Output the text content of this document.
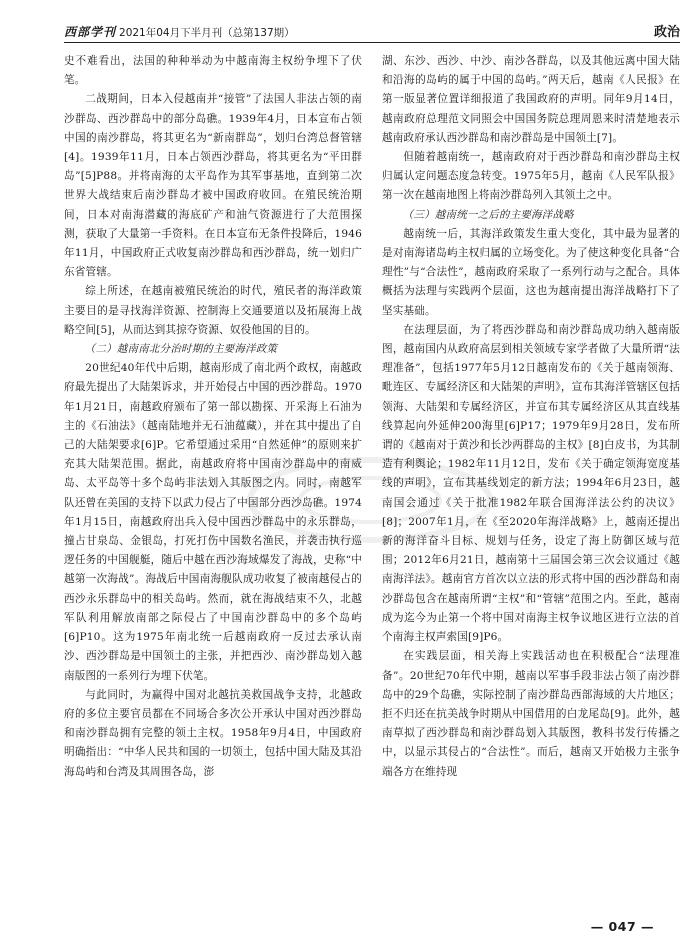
西部学刊 2021年04月下半月刊（总第137期）	政治

史不难看出，法国的种种举动为中越南海主权纷争埋下了伏笔。

二战期间，日本入侵越南并“接管”了法国人非法占领的南沙群岛、西沙群岛中的部分岛礁。1939年4月，日本宣布占领中国的南沙群岛，将其更名为“新南群岛”，划归台湾总督管辖[4]。1939年11月，日本占领西沙群岛，将其更名为“平田群岛”[5]P88。并将南海的太平岛作为其军事基地，直到第二次世界大战结束后南沙群岛才被中国政府收回。在殖民统治期间，日本对南海潜藏的海底矿产和油气资源进行了大范围探测，获取了大量第一手资料。在日本宣布无条件投降后，1946年11月，中国政府正式收复南沙群岛和西沙群岛，统一划归广东省管辖。

综上所述，在越南被殖民统治的时代，殖民者的海洋政策主要目的是寻找海洋资源、控制海上交通要道以及拓展海上战略空间[5]，从而达到其掠夺资源、奴役他国的目的。

（二）越南南北分治时期的主要海洋政策

20世纪40年代中后期，越南形成了南北两个政权，南越政府最先提出了大陆架诉求，并开始侵占中国的西沙群岛。1970年1月21日，南越政府颁布了第一部以勘探、开采海上石油为主的《石油法》（越南陆地并无石油蕴藏），并在其中提出了自己的大陆架要求[6]P。它希望通过采用“自然延伸”的原则来扩充其大陆架范围。据此，南越政府将中国南沙群岛中的南威岛、太平岛等十多个岛屿非法划入其版图之内。同时，南越军队还曾在美国的支持下以武力侵占了中国部分西沙岛礁。1974年1月15日，南越政府出兵入侵中国西沙群岛中的永乐群岛，撞占甘泉岛、金银岛，打死打伤中国数名渔民，并袭击执行巡逻任务的中国舰艇，随后中越在西沙海域爆发了海战，史称“中越第一次海战”。海战后中国南海舰队成功收复了被南越侵占的西沙永乐群岛中的相关岛屿。然而，就在海战结束不久，北越军队利用解放南部之际侵占了中国南沙群岛中的多个岛屿[6]P10。这为1975年南北统一后越南政府一反过去承认南沙、西沙群岛是中国领土的主张，并把西沙、南沙群岛划入越南版图的一系列行为埋下伏笔。

与此同时，为赢得中国对北越抗美救国战争支持，北越政府的多位主要官员都在不同场合多次公开承认中国对西沙群岛和南沙群岛拥有完整的领土主权。1958年9月4日，中国政府明确指出：“中华人民共和国的一切领土，包括中国大陆及其沿海岛屿和台湾及其周围各岛，澎

湖、东沙、西沙、中沙、南沙各群岛，以及其他远离中国大陆和沿海的岛屿的属于中国的岛屿。”两天后，越南《人民报》在第一版显著位置详细报道了我国政府的声明。同年9月14日，越南政府总理范文同照会中国国务院总理周恩来时清楚地表示越南政府承认西沙群岛和南沙群岛是中国领土[7]。

但随着越南统一，越南政府对于西沙群岛和南沙群岛主权归属认定问题态度急转变。1975年5月，越南《人民军队报》第一次在越南地图上将南沙群岛列入其领土之中。

（三）越南统一之后的主要海洋战略

越南统一后，其海洋政策发生重大变化，其中最为显著的是对南海诸岛屿主权归属的立场变化。为了使这种变化具备“合理性”与“合法性”，越南政府采取了一系列行动与之配合。具体概括为法理与实践两个层面，这也为越南提出海洋战略打下了坚实基础。

在法理层面，为了将西沙群岛和南沙群岛成功纳入越南版图，越南国内从政府高层到相关领域专家学者做了大量所谓“法理准备”，包括1977年5月12日越南发布的《关于越南领海、毗连区、专属经济区和大陆架的声明》，宣布其海洋管辖区包括领海、大陆架和专属经济区，并宣布其专属经济区从其直线基线算起向外延伸200海里[6]P17；1979年9月28日，发布所谓的《越南对于黄沙和长沙两群岛的主权》[8]白皮书，为其制造有利舆论；1982年11月12日，发布《关于确定领海宽度基线的声明》，宣布其基线划定的新方法；1994年6月23日，越南国会通过《关于批准1982年联合国海洋法公约的决议》[8]；2007年1月，在《至2020年海洋战略》上，越南还提出新的海洋奋斗目标、规划与任务，设定了海上防御区域与范围；2012年6月21日，越南第十三届国会第三次会议通过《越南海洋法》。越南官方首次以立法的形式将中国的西沙群岛和南沙群岛包含在越南所谓“主权”和“管辖”范围之内。至此，越南成为迄今为止第一个将中国对南海主权争议地区进行立法的首个南海主权声索国[9]P6。

在实践层面，相关海上实践活动也在积极配合“法理准备”。20世纪70年代中期，越南以军事手段非法占领了南沙群岛中的29个岛礁，实际控制了南沙群岛西部海域的大片地区；拒不归还在抗美战争时期从中国借用的白龙尾岛[9]。此外，越南草拟了西沙群岛和南沙群岛划入其版图，教科书发行传播之中，以显示其侵占的“合法性”。而后，越南又开始极力主张争端各方在维持现

— 047 —
